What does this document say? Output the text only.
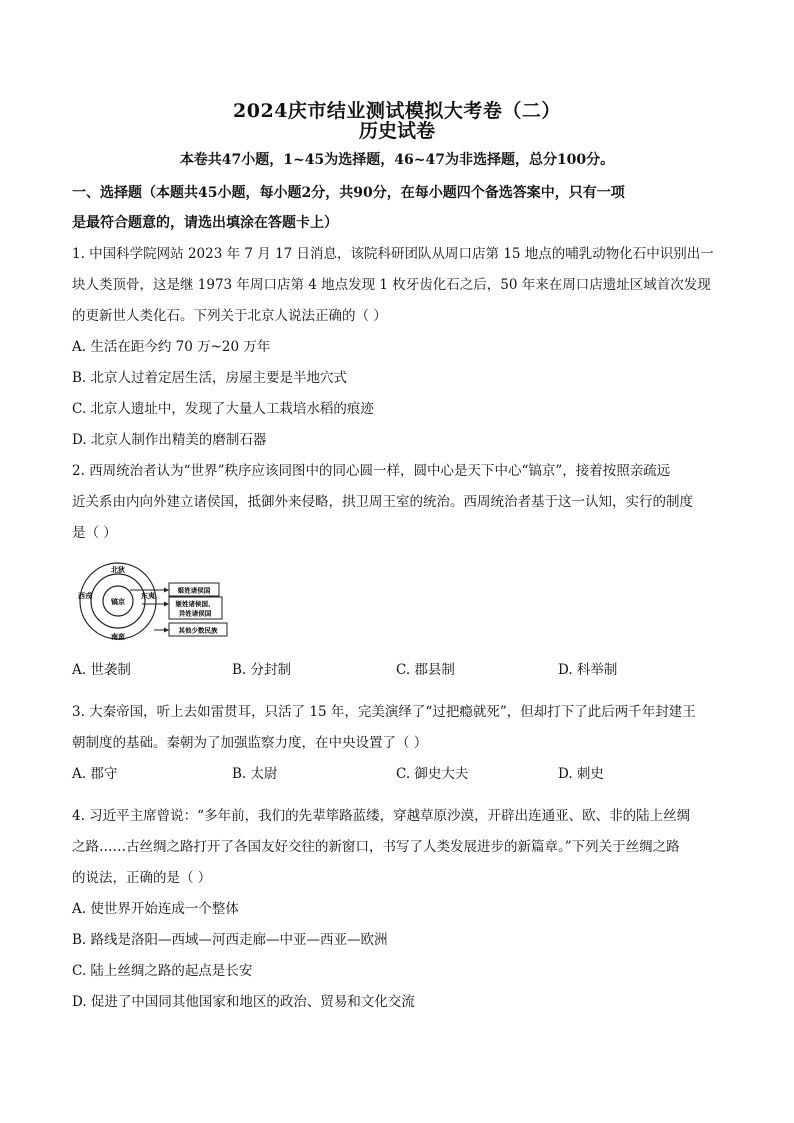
2024庆市结业测试模拟大考卷（二）
历史试卷
本卷共47小题，1~45为选择题，46~47为非选择题，总分100分。
一、选择题（本题共45小题，每小题2分，共90分，在每小题四个备选答案中，只有一项
是最符合题意的，请选出填涂在答题卡上）
1. 中国科学院网站 2023 年 7 月 17 日消息，该院科研团队从周口店第 15 地点的哺乳动物化石中识别出一
块人类顶骨，这是继 1973 年周口店第 4 地点发现 1 枚牙齿化石之后，50 年来在周口店遗址区域首次发现
的更新世人类化石。下列关于北京人说法正确的（ ）
A. 生活在距今约 70 万~20 万年
B. 北京人过着定居生活，房屋主要是半地穴式
C. 北京人遗址中，发现了大量人工栽培水稻的痕迹
D. 北京人制作出精美的磨制石器
2. 西周统治者认为“世界”秩序应该同图中的同心圆一样，圆中心是天下中心“镐京”，接着按照亲疏远
近关系由内向外建立诸侯国，抵御外来侵略，拱卫周王室的统治。西周统治者基于这一认知，实行的制度
是（ ）
北狄
南蛮
西戎	东夷
镐京
姬姓诸侯国
姬姓诸侯国、
异姓诸侯国
其他少数民族
A. 世袭制	B. 分封制	C. 郡县制	D. 科举制
3. 大秦帝国，听上去如雷贯耳，只活了 15 年，完美演绎了“过把瘾就死”，但却打下了此后两千年封建王
朝制度的基础。秦朝为了加强监察力度，在中央设置了（ ）
A. 郡守	B. 太尉	C. 御史大夫	D. 刺史
4. 习近平主席曾说：“多年前，我们的先辈筚路蓝缕，穿越草原沙漠，开辟出连通亚、欧、非的陆上丝绸
之路……古丝绸之路打开了各国友好交往的新窗口，书写了人类发展进步的新篇章。”下列关于丝绸之路
的说法，正确的是（ ）
A. 使世界开始连成一个整体
B. 路线是洛阳—西域—河西走廊—中亚—西亚—欧洲
C. 陆上丝绸之路的起点是长安
D. 促进了中国同其他国家和地区的政治、贸易和文化交流
